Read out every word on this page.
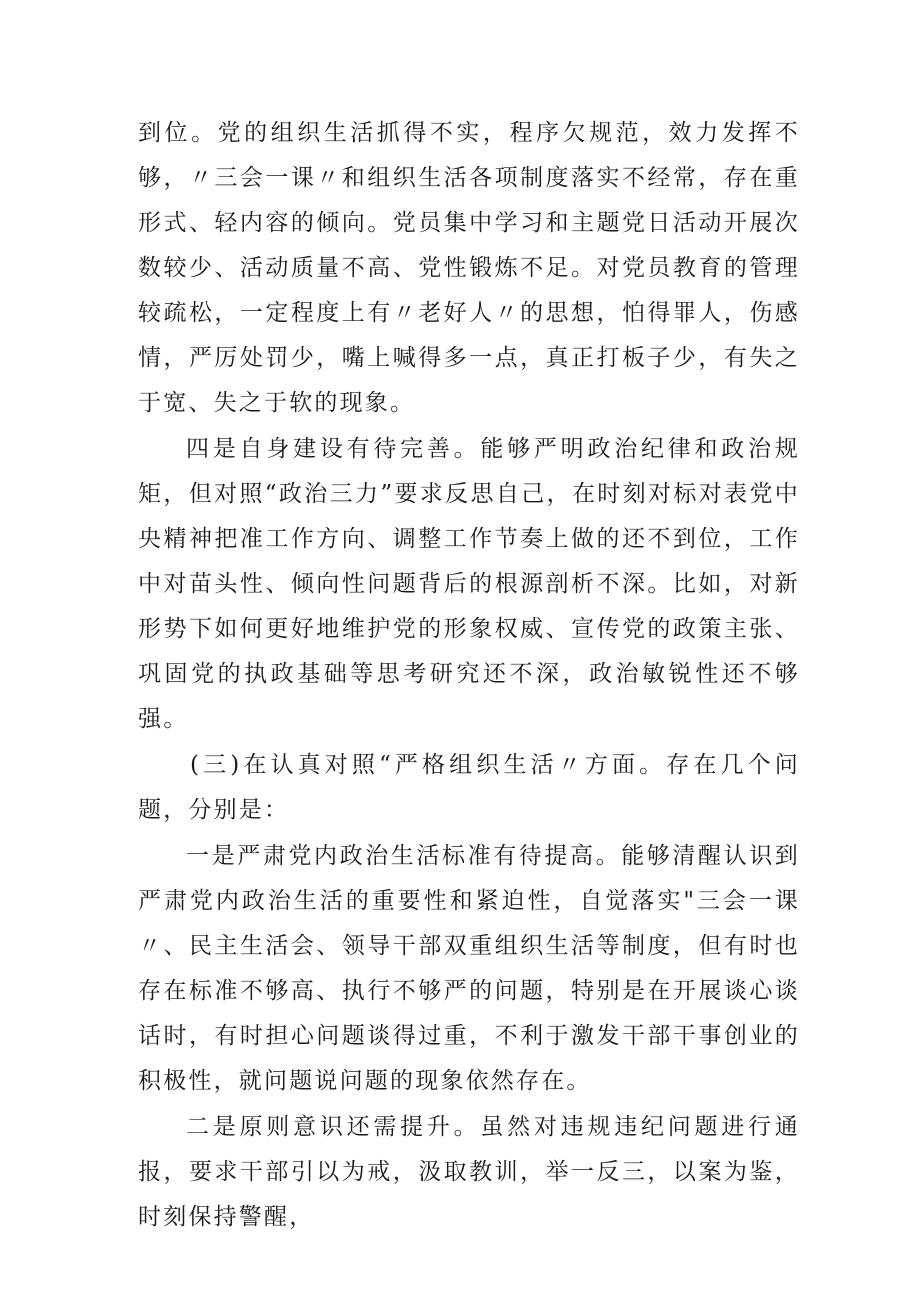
到位。党的组织生活抓得不实，程序欠规范，效力发挥不够，〃三会一课〃和组织生活各项制度落实不经常，存在重形式、轻内容的倾向。党员集中学习和主题党日活动开展次数较少、活动质量不高、党性锻炼不足。对党员教育的管理较疏松，一定程度上有〃老好人〃的思想，怕得罪人，伤感情，严厉处罚少，嘴上喊得多一点，真正打板子少，有失之于宽、失之于软的现象。

四是自身建设有待完善。能够严明政治纪律和政治规矩，但对照“政治三力”要求反思自己，在时刻对标对表党中央精神把准工作方向、调整工作节奏上做的还不到位，工作中对苗头性、倾向性问题背后的根源剖析不深。比如，对新形势下如何更好地维护党的形象权威、宣传党的政策主张、巩固党的执政基础等思考研究还不深，政治敏锐性还不够强。

(三)在认真对照“严格组织生活〃方面。存在几个问题，分别是：

一是严肃党内政治生活标准有待提高。能够清醒认识到严肃党内政治生活的重要性和紧迫性，自觉落实"三会一课〃、民主生活会、领导干部双重组织生活等制度，但有时也存在标准不够高、执行不够严的问题，特别是在开展谈心谈话时，有时担心问题谈得过重，不利于激发干部干事创业的积极性，就问题说问题的现象依然存在。

二是原则意识还需提升。虽然对违规违纪问题进行通报，要求干部引以为戒，汲取教训，举一反三，以案为鉴，时刻保持警醒，
